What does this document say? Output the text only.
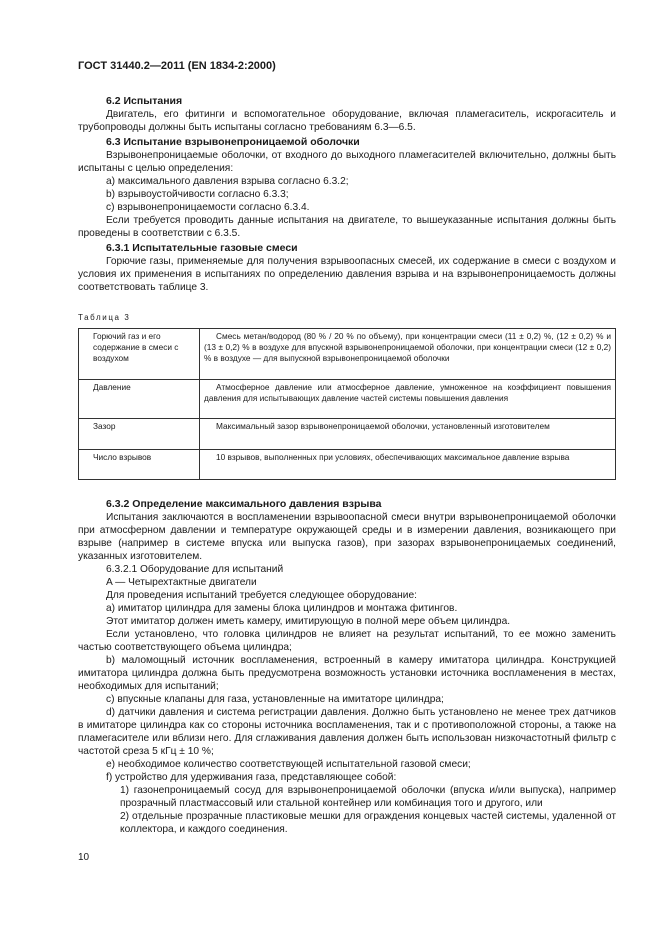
ГОСТ 31440.2—2011 (EN 1834-2:2000)
6.2 Испытания
Двигатель, его фитинги и вспомогательное оборудование, включая пламегаситель, искрогаситель и трубопроводы должны быть испытаны согласно требованиям 6.3—6.5.
6.3 Испытание взрывонепроницаемой оболочки
Взрывонепроницаемые оболочки, от входного до выходного пламегасителей включительно, должны быть испытаны с целью определения:
a) максимального давления взрыва согласно 6.3.2;
b) взрывоустойчивости согласно 6.3.3;
c) взрывонепроницаемости согласно 6.3.4.
Если требуется проводить данные испытания на двигателе, то вышеуказанные испытания должны быть проведены в соответствии с 6.3.5.
6.3.1 Испытательные газовые смеси
Горючие газы, применяемые для получения взрывоопасных смесей, их содержание в смеси с воздухом и условия их применения в испытаниях по определению давления взрыва и на взрывонепроницаемость должны соответствовать таблице 3.
Таблица 3
Горючий газ и его содержание в смеси с воздухом	Смесь метан/водород (80 % / 20 % по объему), при концентрации смеси (11 ± 0,2) %, (12 ± 0,2) % и (13 ± 0,2) % в воздухе для впускной взрывонепроницаемой оболочки, при концентрации смеси (12 ± 0,2) % в воздухе — для выпускной взрывонепроницаемой оболочки

Давление	Атмосферное давление или атмосферное давление, умноженное на коэффициент повышения давления для испытывающих давление частей системы повышения давления

Зазор	Максимальный зазор взрывонепроницаемой оболочки, установленный изготовителем

Число взрывов	10 взрывов, выполненных при условиях, обеспечивающих максимальное давление взрыва
6.3.2 Определение максимального давления взрыва
Испытания заключаются в воспламенении взрывоопасной смеси внутри взрывонепроницаемой оболочки при атмосферном давлении и температуре окружающей среды и в измерении давления, возникающего при взрыве (например в системе впуска или выпуска газов), при зазорах взрывонепроницаемых соединений, указанных изготовителем.
6.3.2.1 Оборудование для испытаний
A — Четырехтактные двигатели
Для проведения испытаний требуется следующее оборудование:
a) имитатор цилиндра для замены блока цилиндров и монтажа фитингов.
Этот имитатор должен иметь камеру, имитирующую в полной мере объем цилиндра.
Если установлено, что головка цилиндров не влияет на результат испытаний, то ее можно заменить частью соответствующего объема цилиндра;
b) маломощный источник воспламенения, встроенный в камеру имитатора цилиндра. Конструкцией имитатора цилиндра должна быть предусмотрена возможность установки источника воспламенения в местах, необходимых для испытаний;
c) впускные клапаны для газа, установленные на имитаторе цилиндра;
d) датчики давления и система регистрации давления. Должно быть установлено не менее трех датчиков в имитаторе цилиндра как со стороны источника воспламенения, так и с противоположной стороны, а также на пламегасителе или вблизи него. Для сглаживания давления должен быть использован низкочастотный фильтр с частотой среза 5 кГц ± 10 %;
e) необходимое количество соответствующей испытательной газовой смеси;
f) устройство для удерживания газа, представляющее собой:
1) газонепроницаемый сосуд для взрывонепроницаемой оболочки (впуска и/или выпуска), например прозрачный пластмассовый или стальной контейнер или комбинация того и другого, или
2) отдельные прозрачные пластиковые мешки для ограждения концевых частей системы, удаленной от коллектора, и каждого соединения.
10
